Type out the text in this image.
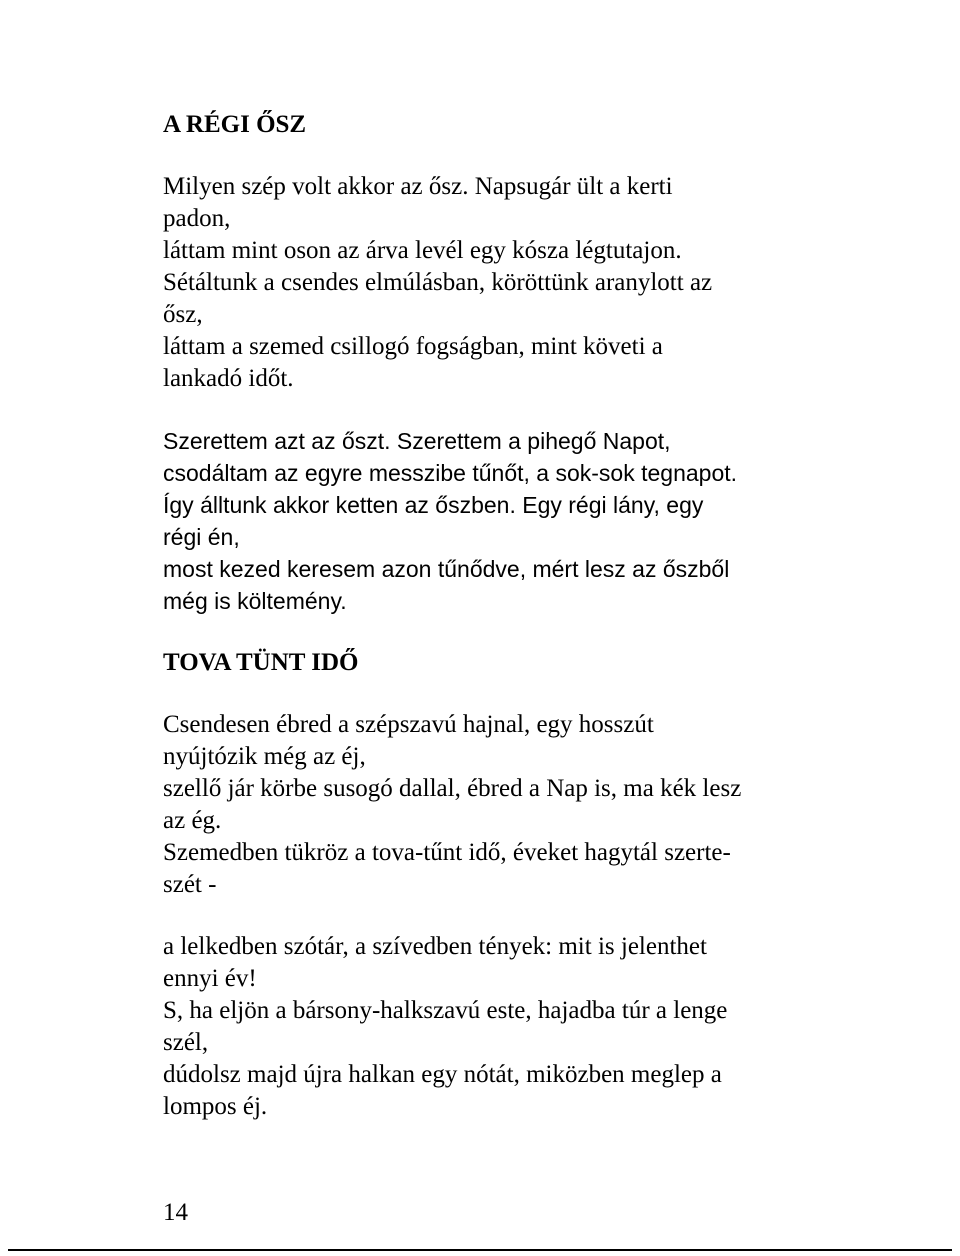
A RÉGI ŐSZ

Milyen szép volt akkor az ősz. Napsugár ült a kerti

padon,

láttam mint oson az árva levél egy kósza légtutajon.

Sétáltunk a csendes elmúlásban, köröttünk aranylott az

ősz,

láttam a szemed csillogó fogságban, mint követi a

lankadó időt.

Szerettem azt az őszt. Szerettem a pihegő Napot,

csodáltam az egyre messzibe tűnőt, a sok-sok tegnapot.

Így álltunk akkor ketten az őszben. Egy régi lány, egy

régi én,

most kezed keresem azon tűnődve, mért lesz az őszből

még is költemény.

TOVA TÜNT IDŐ

Csendesen ébred a szépszavú hajnal, egy hosszút

nyújtózik még az éj,

szellő jár körbe susogó dallal, ébred a Nap is, ma kék lesz

az ég.

Szemedben tükröz a tova-tűnt idő, éveket hagytál szerte-

szét -

a lelkedben szótár, a szívedben tények: mit is jelenthet

ennyi év!

S, ha eljön a bársony-halkszavú este, hajadba túr a lenge

szél,

dúdolsz majd újra halkan egy nótát, miközben meglep a

lompos éj.

14
